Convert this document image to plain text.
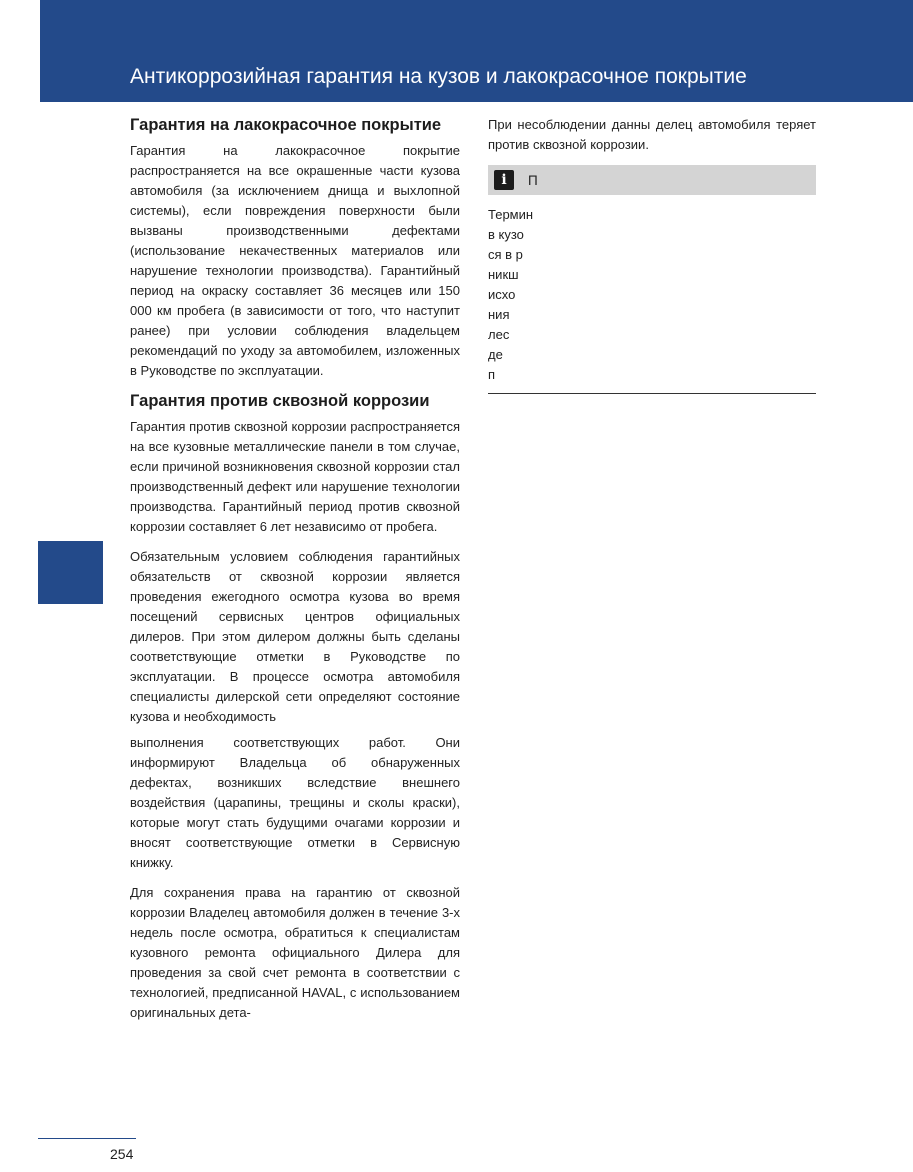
Антикоррозийная гарантия на кузов и лакокрасочное покрытие
Гарантия на лакокрасочное покрытие

Гарантия на лакокрасочное покрытие распространяется на все окрашенные части кузова автомобиля (за исключением днища и выхлопной системы), если повреждения поверхности были вызваны производственными дефектами (использование некачественных материалов или нарушение технологии производства). Гарантийный период на окраску составляет 36 месяцев или 150 000 км пробега (в зависимости от того, что наступит ранее) при условии соблюдения владельцем рекомендаций по уходу за автомобилем, изложенных в Руководстве по эксплуатации.

Гарантия против сквозной коррозии

Гарантия против сквозной коррозии распространяется на все кузовные металлические панели в том случае, если причиной возникновения сквозной коррозии стал производственный дефект или нарушение технологии производства. Гарантийный период против сквозной коррозии составляет 6 лет независимо от пробега.

Обязательным условием соблюдения гарантийных обязательств от сквозной коррозии является проведения ежегодного осмотра кузова во время посещений сервисных центров официальных дилеров. При этом дилером должны быть сделаны соответствующие отметки в Руководстве по эксплуатации. В процессе осмотра автомобиля специалисты дилерской сети определяют состояние кузова и необходимость

выполнения соответствующих работ. Они информируют Владельца об обнаруженных дефектах, возникших вследствие внешнего воздействия (царапины, трещины и сколы краски), которые могут стать будущими очагами коррозии и вносят соответствующие отметки в Сервисную книжку.

Для сохранения права на гарантию от сквозной коррозии Владелец автомобиля должен в течение 3-х недель после осмотра, обратиться к специалистам кузовного ремонта официального Дилера для проведения за свой счет ремонта в соответствии с технологией, предписанной HAVAL, с использованием оригинальных дета-

При несоблюдении данны делец автомобиля теряет против сквозной коррозии.

i	П
Термин
в кузо
ся в р
никш
исхо
ния
лес
де
п
254
